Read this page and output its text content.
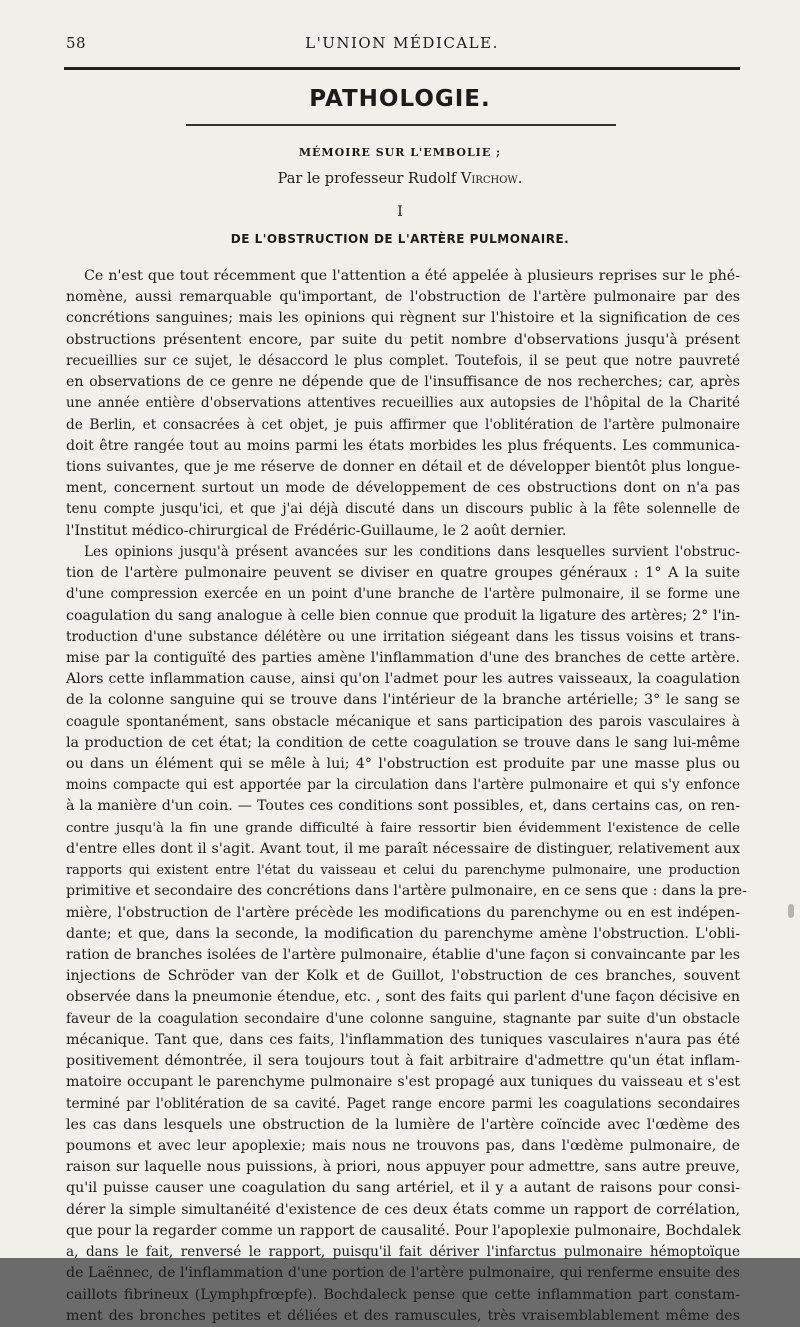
58	L'UNION MÉDICALE.
PATHOLOGIE.
MÉMOIRE SUR L'EMBOLIE ;
Par le professeur Rudolf Virchow.
I
DE L'OBSTRUCTION DE L'ARTÈRE PULMONAIRE.
Ce n'est que tout récemment que l'attention a été appelée à plusieurs reprises sur le phé-
nomène, aussi remarquable qu'important, de l'obstruction de l'artère pulmonaire par des
concrétions sanguines; mais les opinions qui règnent sur l'histoire et la signification de ces
obstructions présentent encore, par suite du petit nombre d'observations jusqu'à présent
recueillies sur ce sujet, le désaccord le plus complet. Toutefois, il se peut que notre pauvreté
en observations de ce genre ne dépende que de l'insuffisance de nos recherches; car, après
une année entière d'observations attentives recueillies aux autopsies de l'hôpital de la Charité
de Berlin, et consacrées à cet objet, je puis affirmer que l'oblitération de l'artère pulmonaire
doit être rangée tout au moins parmi les états morbides les plus fréquents. Les communica-
tions suivantes, que je me réserve de donner en détail et de développer bientôt plus longue-
ment, concernent surtout un mode de développement de ces obstructions dont on n'a pas
tenu compte jusqu'ici, et que j'ai déjà discuté dans un discours public à la fête solennelle de
l'Institut médico-chirurgical de Frédéric-Guillaume, le 2 août dernier.
Les opinions jusqu'à présent avancées sur les conditions dans lesquelles survient l'obstruc-
tion de l'artère pulmonaire peuvent se diviser en quatre groupes généraux : 1° A la suite
d'une compression exercée en un point d'une branche de l'artère pulmonaire, il se forme une
coagulation du sang analogue à celle bien connue que produit la ligature des artères; 2° l'in-
troduction d'une substance délétère ou une irritation siégeant dans les tissus voisins et trans-
mise par la contiguïté des parties amène l'inflammation d'une des branches de cette artère.
Alors cette inflammation cause, ainsi qu'on l'admet pour les autres vaisseaux, la coagulation
de la colonne sanguine qui se trouve dans l'intérieur de la branche artérielle; 3° le sang se
coagule spontanément, sans obstacle mécanique et sans participation des parois vasculaires à
la production de cet état; la condition de cette coagulation se trouve dans le sang lui-même
ou dans un élément qui se mêle à lui; 4° l'obstruction est produite par une masse plus ou
moins compacte qui est apportée par la circulation dans l'artère pulmonaire et qui s'y enfonce
à la manière d'un coin. — Toutes ces conditions sont possibles, et, dans certains cas, on ren-
contre jusqu'à la fin une grande difficulté à faire ressortir bien évidemment l'existence de celle
d'entre elles dont il s'agit. Avant tout, il me paraît nécessaire de distinguer, relativement aux
rapports qui existent entre l'état du vaisseau et celui du parenchyme pulmonaire, une production
primitive et secondaire des concrétions dans l'artère pulmonaire, en ce sens que : dans la pre-
mière, l'obstruction de l'artère précède les modifications du parenchyme ou en est indépen-
dante; et que, dans la seconde, la modification du parenchyme amène l'obstruction. L'obli-
ration de branches isolées de l'artère pulmonaire, établie d'une façon si convaincante par les
injections de Schröder van der Kolk et de Guillot, l'obstruction de ces branches, souvent
observée dans la pneumonie étendue, etc. , sont des faits qui parlent d'une façon décisive en
faveur de la coagulation secondaire d'une colonne sanguine, stagnante par suite d'un obstacle
mécanique. Tant que, dans ces faits, l'inflammation des tuniques vasculaires n'aura pas été
positivement démontrée, il sera toujours tout à fait arbitraire d'admettre qu'un état inflam-
matoire occupant le parenchyme pulmonaire s'est propagé aux tuniques du vaisseau et s'est
terminé par l'oblitération de sa cavité. Paget range encore parmi les coagulations secondaires
les cas dans lesquels une obstruction de la lumière de l'artère coïncide avec l'œdème des
poumons et avec leur apoplexie; mais nous ne trouvons pas, dans l'œdème pulmonaire, de
raison sur laquelle nous puissions, à priori, nous appuyer pour admettre, sans autre preuve,
qu'il puisse causer une coagulation du sang artériel, et il y a autant de raisons pour consi-
dérer la simple simultanéité d'existence de ces deux états comme un rapport de corrélation,
que pour la regarder comme un rapport de causalité. Pour l'apoplexie pulmonaire, Bochdalek
a, dans le fait, renversé le rapport, puisqu'il fait dériver l'infarctus pulmonaire hémoptoïque
de Laënnec, de l'inflammation d'une portion de l'artère pulmonaire, qui renferme ensuite des
caillots fibrineux (Lymphpfrœpfe). Bochdaleck pense que cette inflammation part constam-
ment des bronches petites et déliées et des ramuscules, très vraisemblablement même des
